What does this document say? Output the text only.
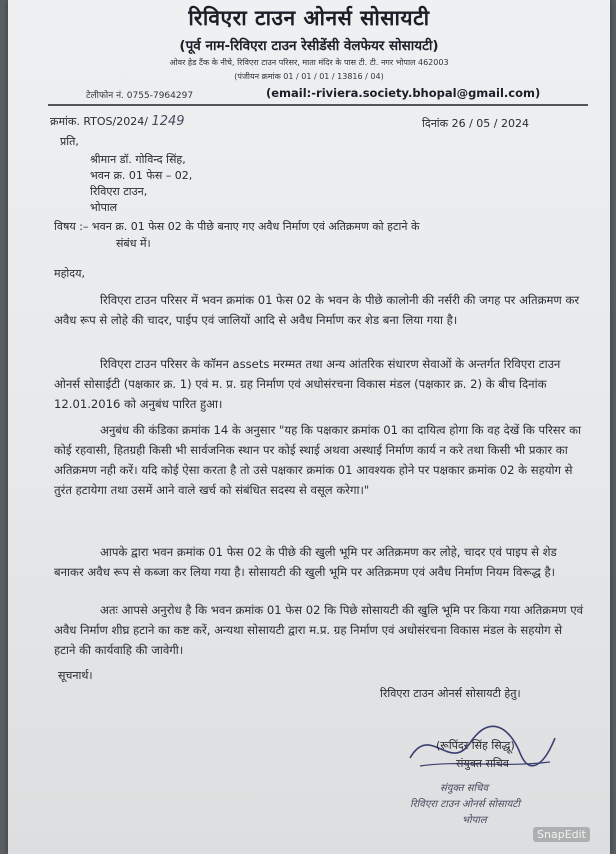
रिविएरा टाउन ओनर्स सोसायटी
(पूर्व नाम-रिविएरा टाउन रेसीडेंसी वेलफेयर सोसायटी)
ओवर हेड टैंक के नीचे, रिविएरा टाउन परिसर, माता मंदिर के पास टी. टी. नगर भोपाल 462003
(पंजीयन क्रमांक 01 / 01 / 01 / 13816 / 04)
टेलीफोन नं. 0755-7964297	(email:-riviera.society.bhopal@gmail.com)
क्रमांक. RTOS/2024/ 1249	दिनांक 26 / 05 / 2024
प्रति,
श्रीमान डॉ. गोविन्द सिंह,
भवन क्र. 01 फेस – 02,
रिविएरा टाउन,
भोपाल
विषय :– भवन क्र. 01 फेस 02 के पीछे बनाए गए अवैध निर्माण एवं अतिक्रमण को हटाने के
संबंध में।
महोदय,
रिविएरा टाउन परिसर में भवन क्रमांक 01 फेस 02 के भवन के पीछे कालोनी की नर्सरी की जगह पर अतिक्रमण कर अवैध रूप से लोहे की चादर, पाईप एवं जालियों आदि से अवैध निर्माण कर शेड बना लिया गया है।
रिविएरा टाउन परिसर के कॉमन assets मरम्मत तथा अन्य आंतरिक संधारण सेवाओं के अन्तर्गत रिविएरा टाउन ओनर्स सोसाईटी (पक्षकार क्र. 1) एवं म. प्र. ग्रह निर्माण एवं अधोसंरचना विकास मंडल (पक्षकार क्र. 2) के बीच दिनांक 12.01.2016 को अनुबंध पारित हुआ।
अनुबंध की कंडिका क्रमांक 14 के अनुसार "यह कि पक्षकार क्रमांक 01 का दायित्व होगा कि वह देखें कि परिसर का कोई रहवासी, हितग्रही किसी भी सार्वजनिक स्थान पर कोई स्थाई अथवा अस्थाई निर्माण कार्य न करे तथा किसी भी प्रकार का अतिक्रमण नही करें। यदि कोई ऐसा करता है तो उसे पक्षकार क्रमांक 01 आवश्यक होने पर पक्षकार क्रमांक 02 के सहयोग से तुरंत हटायेगा तथा उसमें आने वाले खर्च को संबंधित सदस्य से वसूल करेगा।"
आपके द्वारा भवन क्रमांक 01 फेस 02 के पीछे की खुली भूमि पर अतिक्रमण कर लोहे, चादर एवं पाइप से शेड बनाकर अवैध रूप से कब्जा कर लिया गया है। सोसायटी की खुली भूमि पर अतिक्रमण एवं अवैध निर्माण नियम विरूद्ध है।
अतः आपसे अनुरोध है कि भवन क्रमांक 01 फेस 02 कि पिछे सोसायटी की खुलि भूमि पर किया गया अतिक्रमण एवं अवैध निर्माण शीघ्र हटाने का कष्ट करें, अन्यथा सोसायटी द्वारा म.प्र. ग्रह निर्माण एवं अधोसंरचना विकास मंडल के सहयोग से हटाने की कार्यवाहि की जावेगी।
सूचनार्थ।
रिविएरा टाउन ओनर्स सोसायटी हेतु।
(रूपिंदर सिंह सिद्धू)
संयुक्त सचिव
संयुक्त सचिव
रिविएरा टाउन ओनर्स सोसायटी
भोपाल
SnapEdit
